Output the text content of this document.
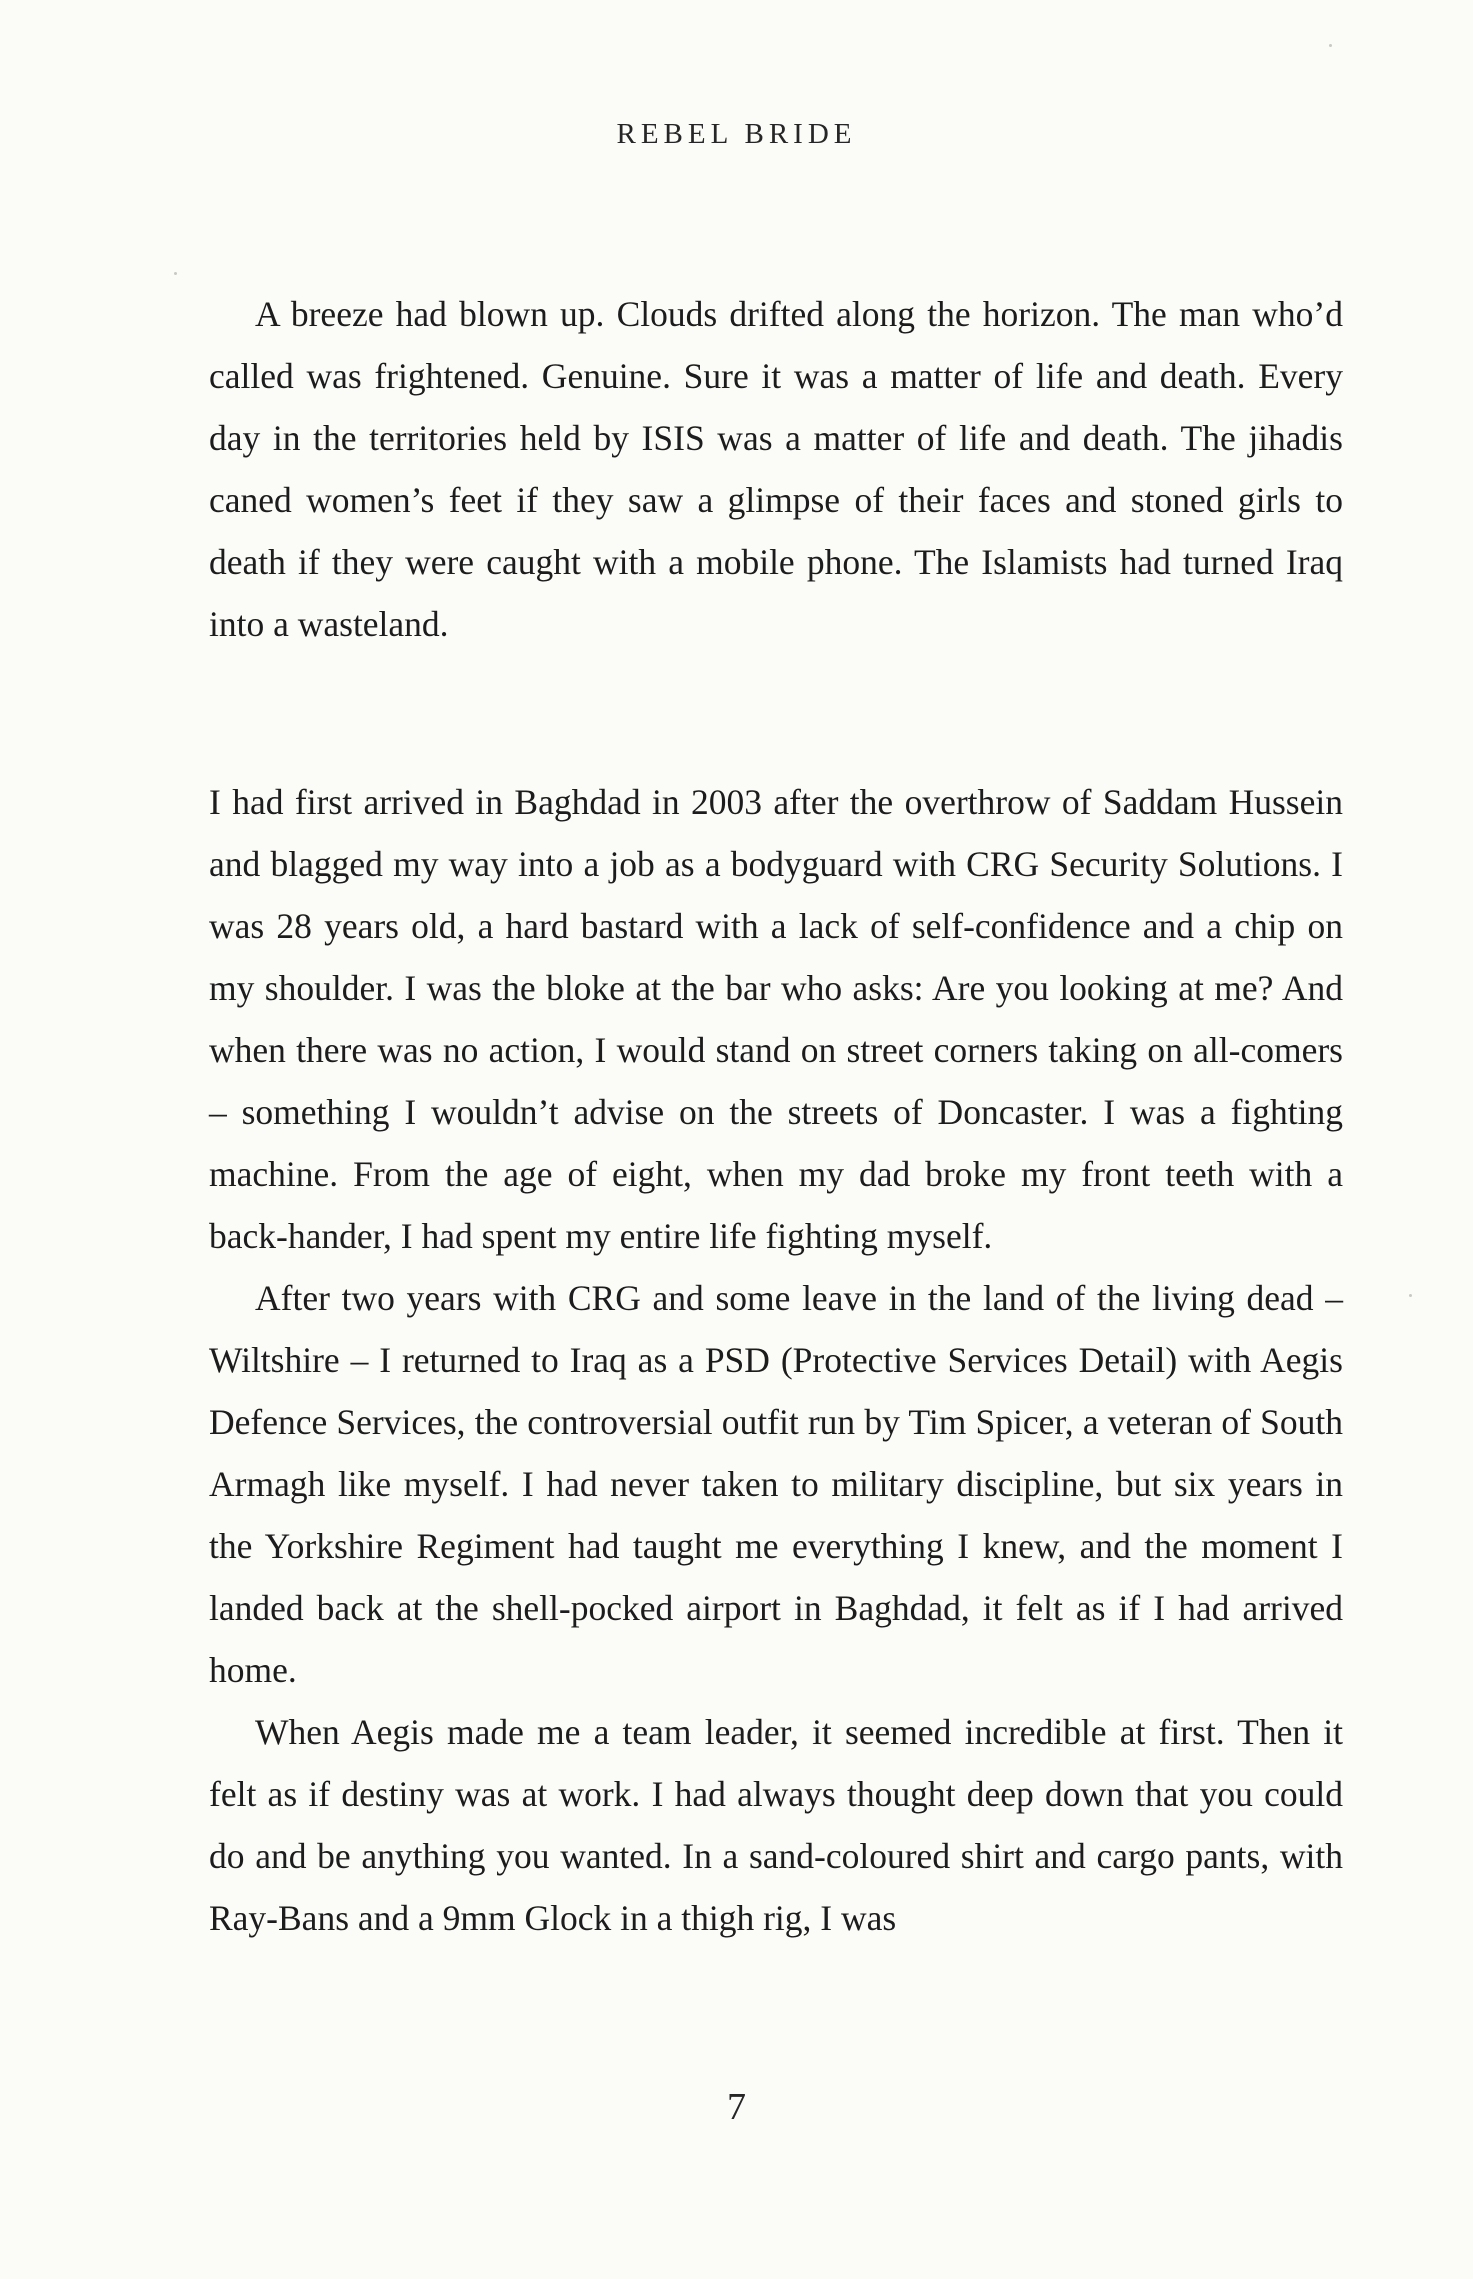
REBEL BRIDE

A breeze had blown up. Clouds drifted along the horizon. The man who’d called was frightened. Genuine. Sure it was a matter of life and death. Every day in the territories held by ISIS was a matter of life and death. The jihadis caned women’s feet if they saw a glimpse of their faces and stoned girls to death if they were caught with a mobile phone. The Islamists had turned Iraq into a wasteland.

I had first arrived in Baghdad in 2003 after the overthrow of Saddam Hussein and blagged my way into a job as a bodyguard with CRG Security Solutions. I was 28 years old, a hard bastard with a lack of self-confidence and a chip on my shoulder. I was the bloke at the bar who asks: Are you looking at me? And when there was no action, I would stand on street corners taking on all-comers – something I wouldn’t advise on the streets of Doncaster. I was a fighting machine. From the age of eight, when my dad broke my front teeth with a back-hander, I had spent my entire life fighting myself.

After two years with CRG and some leave in the land of the living dead – Wiltshire – I returned to Iraq as a PSD (Protective Services Detail) with Aegis Defence Services, the controversial outfit run by Tim Spicer, a veteran of South Armagh like myself. I had never taken to military discipline, but six years in the Yorkshire Regiment had taught me everything I knew, and the moment I landed back at the shell-pocked airport in Baghdad, it felt as if I had arrived home.

When Aegis made me a team leader, it seemed incredible at first. Then it felt as if destiny was at work. I had always thought deep down that you could do and be anything you wanted. In a sand-coloured shirt and cargo pants, with Ray-Bans and a 9mm Glock in a thigh rig, I was

7
